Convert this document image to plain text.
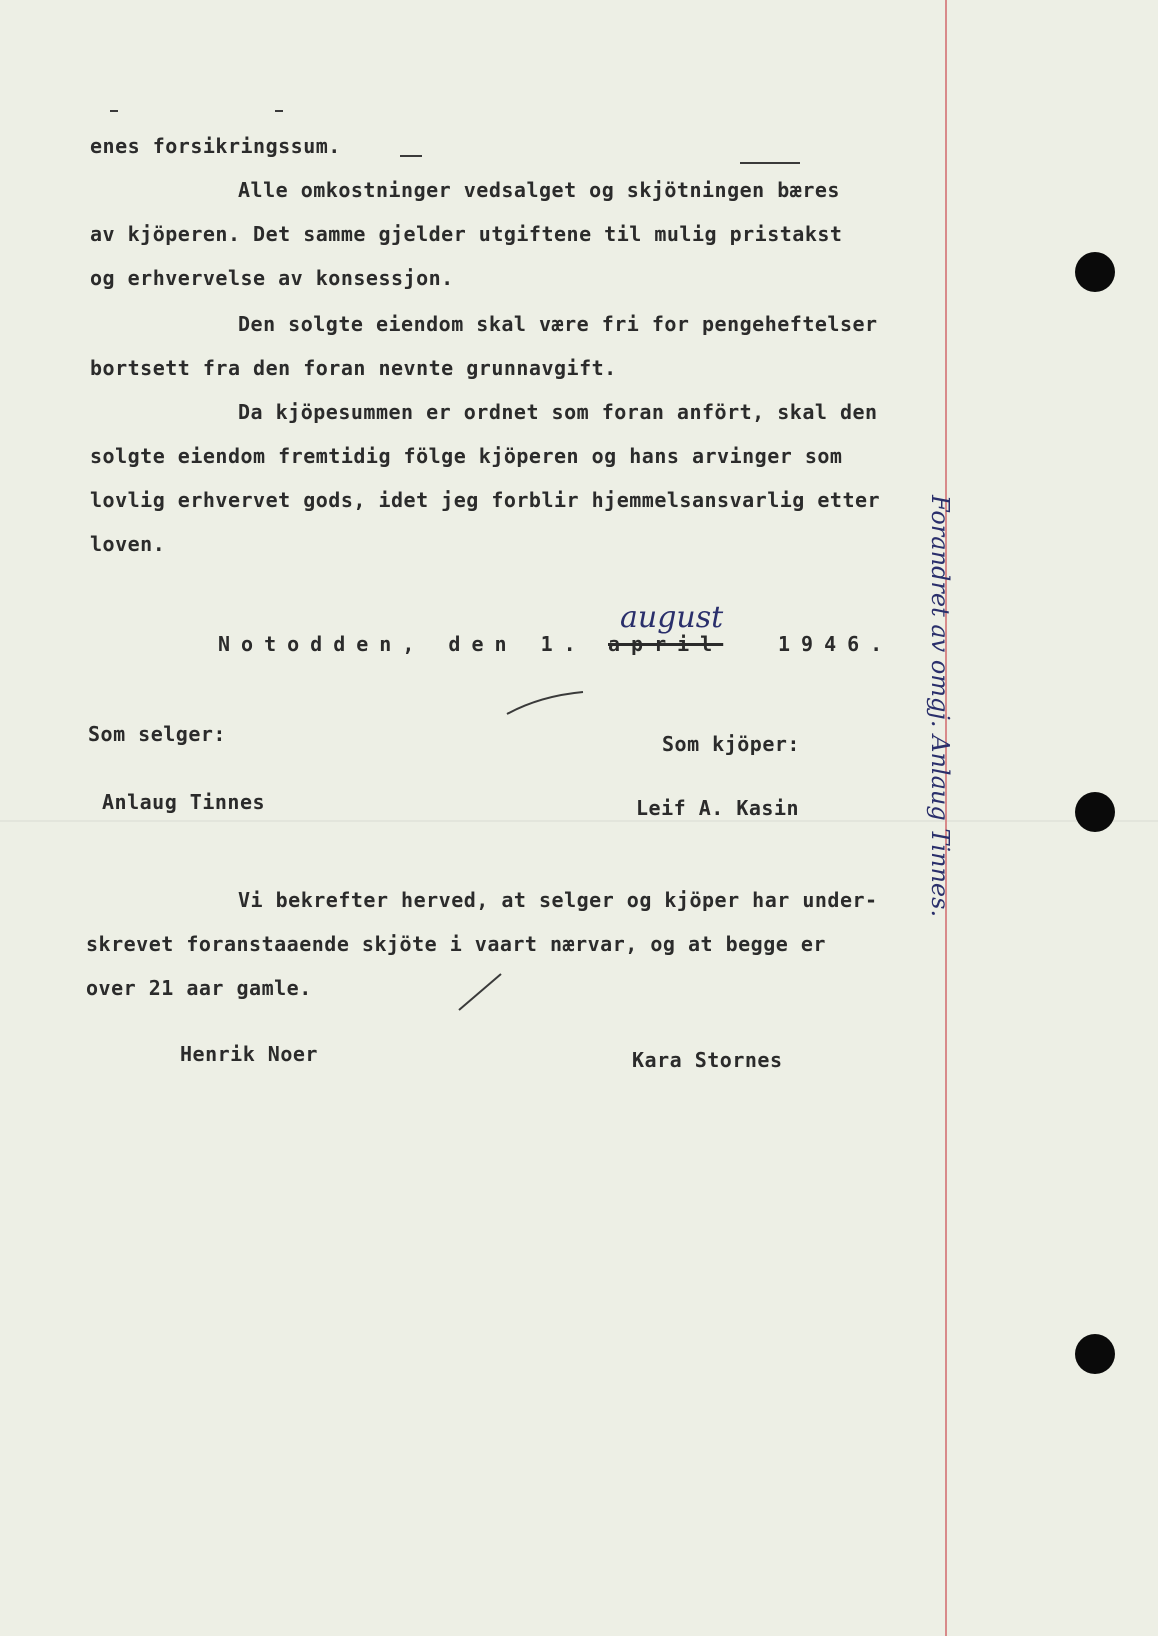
enes forsikringssum.
Alle omkostninger vedsalget og skjötningen bæres
av kjöperen. Det samme gjelder utgiftene til mulig pristakst
og erhvervelse av konsessjon.
Den solgte eiendom skal være fri for pengeheftelser
bortsett fra den foran nevnte grunnavgift.
Da kjöpesummen er ordnet som foran anfört, skal den
solgte eiendom fremtidig fölge kjöperen og hans arvinger som
lovlig erhvervet gods, idet jeg forblir hjemmelsansvarlig etter
loven.
Notodden, den 1. april	1946.
august
Som selger:	Som kjöper:
Anlaug Tinnes	Leif A. Kasin
Vi bekrefter herved, at selger og kjöper har under-
skrevet foranstaaende skjöte i vaart nærvar, og at begge er
over 21 aar gamle.
Henrik Noer	Kara Stornes
Forandret av omgj. Anlaug Tinnes.
